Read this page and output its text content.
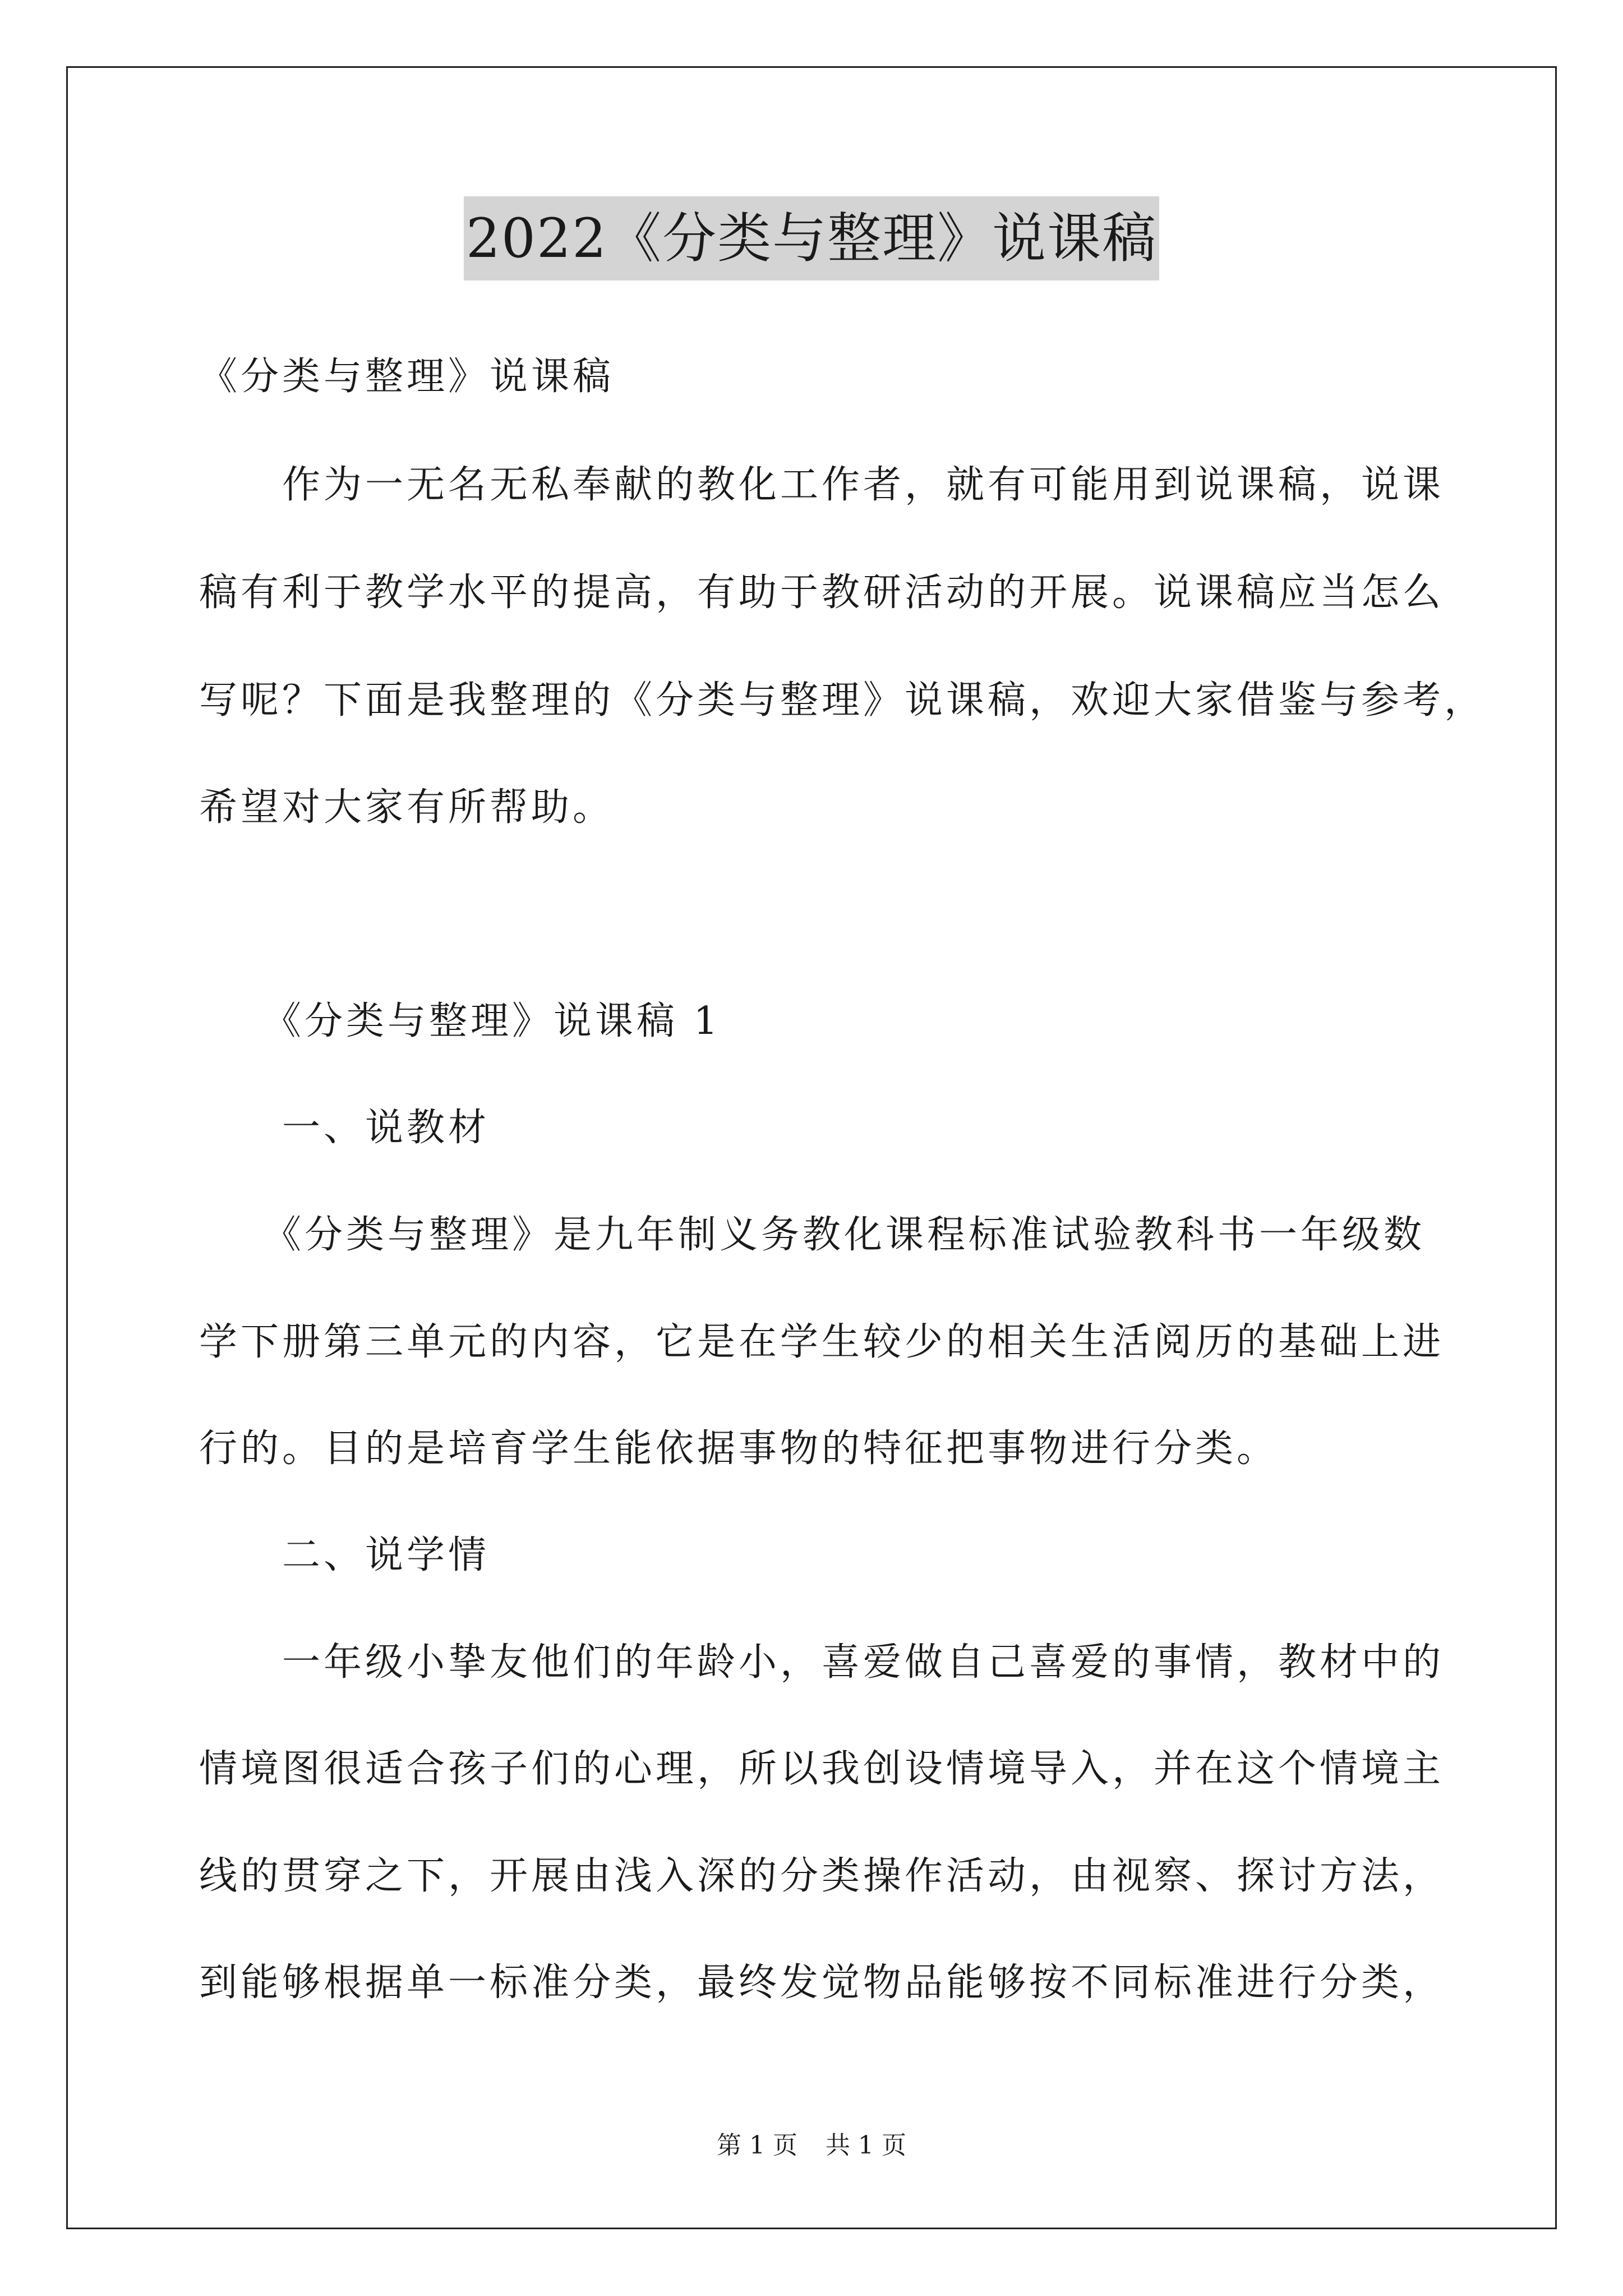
2022《分类与整理》说课稿
《分类与整理》说课稿
　　作为一无名无私奉献的教化工作者，就有可能用到说课稿，说课
稿有利于教学水平的提高，有助于教研活动的开展。说课稿应当怎么
写呢？下面是我整理的《分类与整理》说课稿，欢迎大家借鉴与参考，
希望对大家有所帮助。
　　《分类与整理》说课稿 1
　　一、说教材
　　《分类与整理》是九年制义务教化课程标准试验教科书一年级数
学下册第三单元的内容，它是在学生较少的相关生活阅历的基础上进
行的。目的是培育学生能依据事物的特征把事物进行分类。
　　二、说学情
　　一年级小挚友他们的年龄小，喜爱做自己喜爱的事情，教材中的
情境图很适合孩子们的心理，所以我创设情境导入，并在这个情境主
线的贯穿之下，开展由浅入深的分类操作活动，由视察、探讨方法，
到能够根据单一标准分类，最终发觉物品能够按不同标准进行分类，
第 1 页 共 1 页
